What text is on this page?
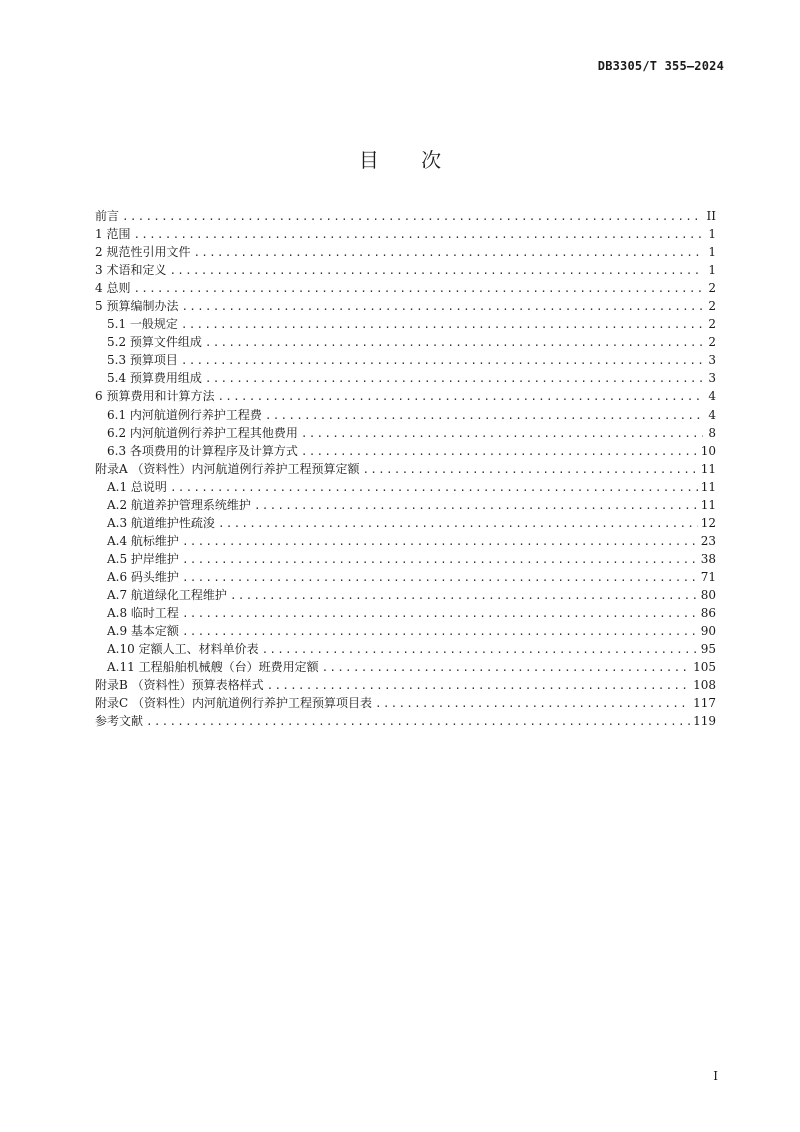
DB3305/T 355—2024
目 次
前言 .....	II
1 范围 .....	1
2 规范性引用文件 .....	1
3 术语和定义 .....	1
4 总则 .....	2
5 预算编制办法 .....	2
5.1 一般规定 .....	2
5.2 预算文件组成 .....	2
5.3 预算项目 .....	3
5.4 预算费用组成 .....	3
6 预算费用和计算方法 .....	4
6.1 内河航道例行养护工程费 .....	4
6.2 内河航道例行养护工程其他费用 .....	8
6.3 各项费用的计算程序及计算方式 .....	10
附录A （资料性）内河航道例行养护工程预算定额 .....	11
A.1 总说明 .....	11
A.2 航道养护管理系统维护 .....	11
A.3 航道维护性疏浚 .....	12
A.4 航标维护 .....	23
A.5 护岸维护 .....	38
A.6 码头维护 .....	71
A.7 航道绿化工程维护 .....	80
A.8 临时工程 .....	86
A.9 基本定额 .....	90
A.10 定额人工、材料单价表 .....	95
A.11 工程船舶机械艘（台）班费用定额 .....	105
附录B （资料性）预算表格样式 .....	108
附录C （资料性）内河航道例行养护工程预算项目表 .....	117
参考文献 .....	119
I
